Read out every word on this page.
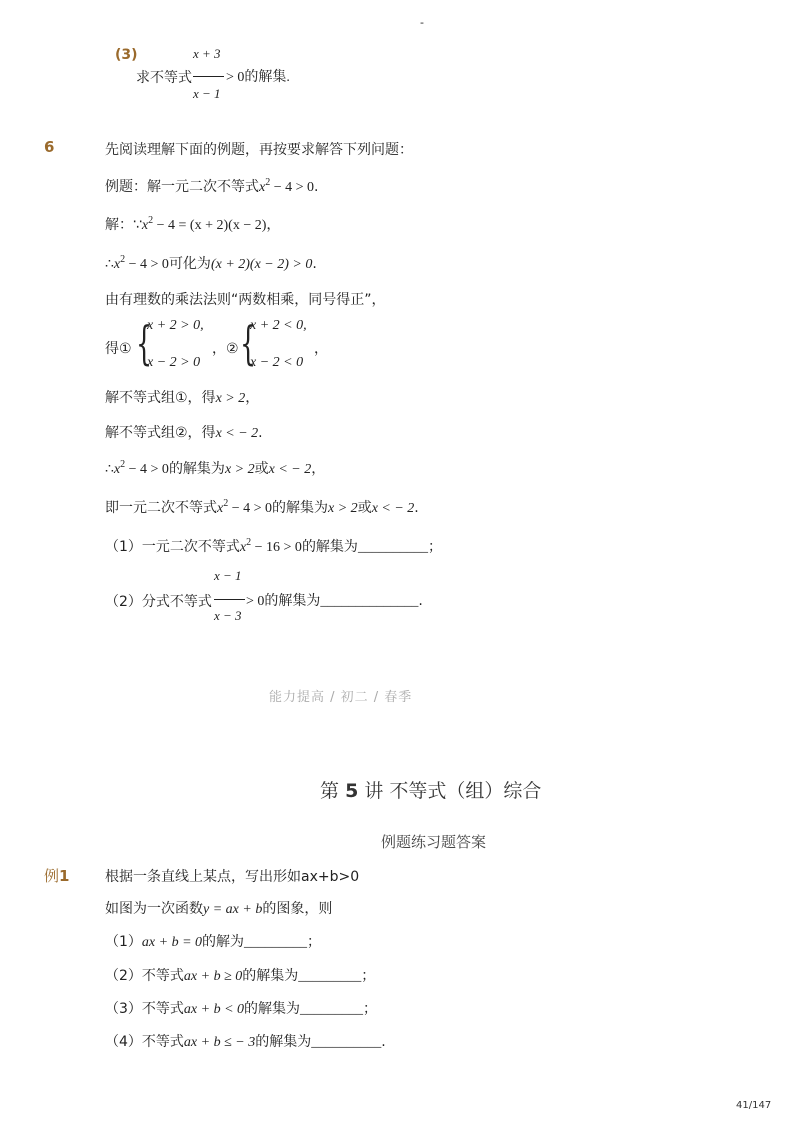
-
(3)	x + 3
求不等式 > 0的解集.
x − 1
6	先阅读理解下面的例题，再按要求解答下列问题：
例题：解一元二次不等式$x^2 - 4 > 0$.
解：$\because x^2 - 4 = (x + 2)(x - 2)$，
$\therefore x^2 - 4 > 0$可化为(x + 2)(x − 2) > 0.
由有理数的乘法法则“两数相乘，同号得正”，
得① {
x + 2 > 0,
x − 2 > 0
，② {
x + 2 < 0,
x − 2 < 0
，
解不等式组①，得x > 2，
解不等式组②，得x < − 2.
$\therefore x^2 - 4 > 0$的解集为x > 2或x < − 2，
即一元二次不等式$x^2 - 4 > 0$的解集为x > 2或x < − 2.
（1）一元二次不等式$x^2 - 16 > 0$的解集为__________；
x − 1
（2）分式不等式 > 0的解集为______________.
x − 3
能力提高 / 初二 / 春季
第 5 讲 不等式（组）综合
例题练习题答案
例1	根据一条直线上某点，写出形如ax+b>0
如图为一次函数y = ax + b的图象，则
（1）ax + b = 0的解为_________；
（2）不等式ax + b ≥ 0的解集为_________；
（3）不等式ax + b < 0的解集为_________；
（4）不等式ax + b ≤ − 3的解集为__________.
41/147
